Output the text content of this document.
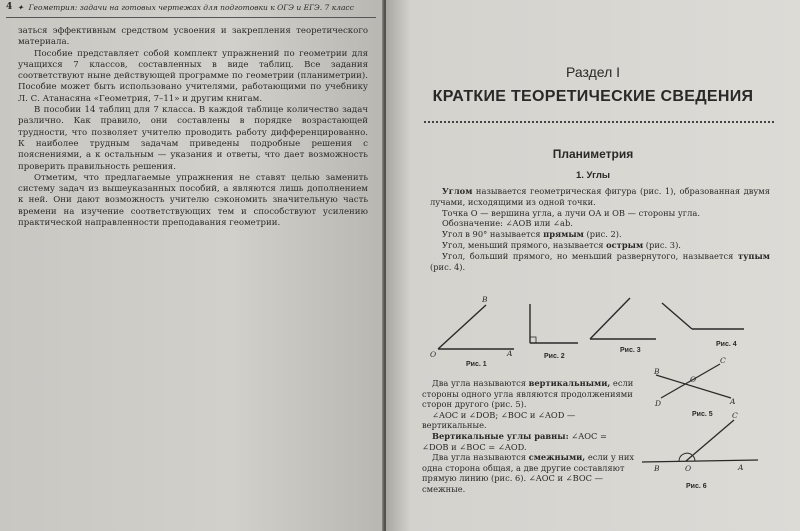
4 ✦ Геометрия: задачи на готовых чертежах для подготовки к ОГЭ и ЕГЭ. 7 класс

заться эффективным средством усвоения и закрепления теоретического материала.

Пособие представляет собой комплект упражнений по геометрии для учащихся 7 классов, составленных в виде таблиц. Все задания соответствуют ныне действующей программе по геометрии (планиметрии). Пособие может быть использовано учителями, работающими по учебнику Л. С. Атанасяна «Геометрия, 7–11» и другим книгам.

В пособии 14 таблиц для 7 класса. В каждой таблице количество задач различно. Как правило, они составлены в порядке возрастающей трудности, что позволяет учителю проводить работу дифференцированно. К наиболее трудным задачам приведены подробные решения с пояснениями, а к остальным — указания и ответы, что дает возможность проверить правильность решения.

Отметим, что предлагаемые упражнения не ставят целью заменить систему задач из вышеуказанных пособий, а являются лишь дополнением к ней. Они дают возможность учителю сэкономить значительную часть времени на изучение соответствующих тем и способствуют усилению практической направленности преподавания геометрии.

Раздел I
КРАТКИЕ ТЕОРЕТИЧЕСКИЕ СВЕДЕНИЯ
Планиметрия
1. Углы

Углом называется геометрическая фигура (рис. 1), образованная двумя лучами, исходящими из одной точки.

Точка O — вершина угла, а лучи OA и OB — стороны угла.

Обозначение: ∠AOB или ∠ab.

Угол в 90° называется прямым (рис. 2).

Угол, меньший прямого, называется острым (рис. 3).

Угол, больший прямого, но меньший развернутого, называется тупым (рис. 4).

B
O	A
Рис. 1
Рис. 2
Рис. 3
Рис. 4
B
C
O
D	A
Рис. 5	C
B	O	A
Рис. 6

Два угла называются вертикальными, если стороны одного угла являются продолжениями сторон другого (рис. 5).

∠AOC и ∠DOB; ∠BOC и ∠AOD — вертикальные.

Вертикальные углы равны: ∠AOC = ∠DOB и ∠BOC = ∠AOD.

Два угла называются смежными, если у них одна сторона общая, а две другие составляют прямую линию (рис. 6). ∠AOC и ∠BOC — смежные.
